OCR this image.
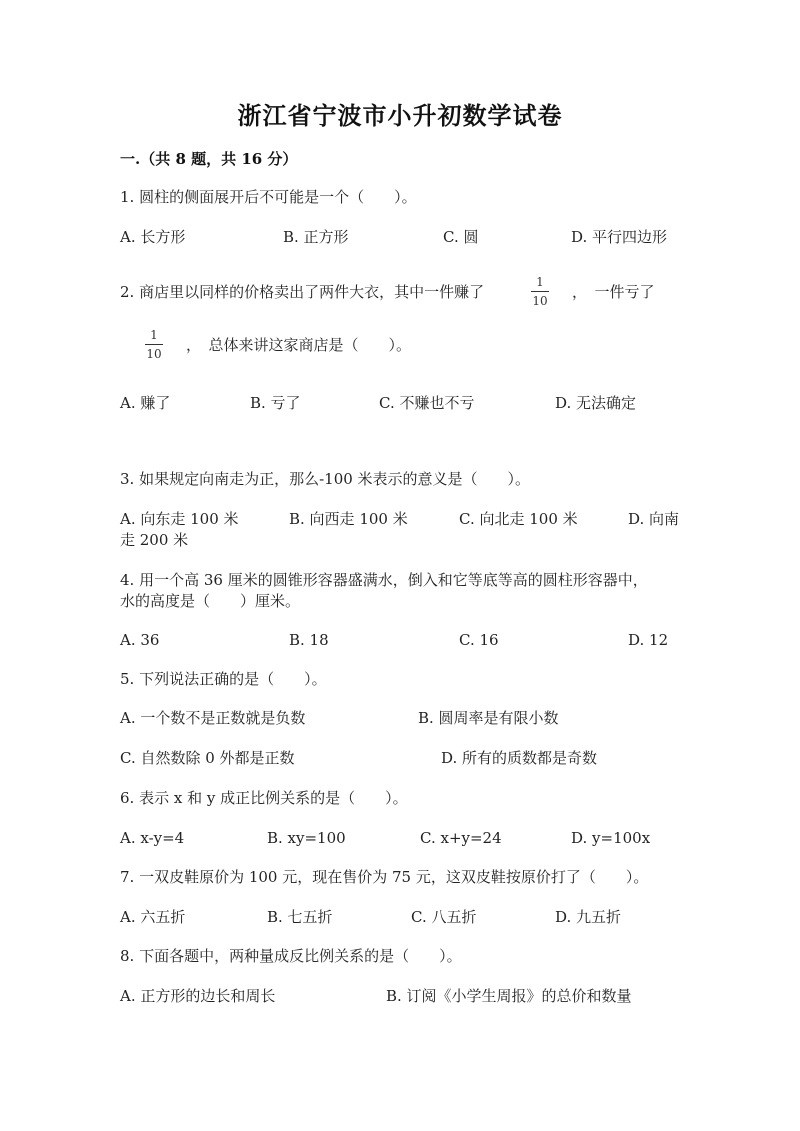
浙江省宁波市小升初数学试卷
一.（共 8 题，共 16 分）
1. 圆柱的侧面展开后不可能是一个（　　）。
A. 长方形	B. 正方形	C. 圆	D. 平行四边形
2. 商店里以同样的价格卖出了两件大衣，其中一件赚了
1
10 ，　一件亏了
1
10 ，　总体来讲这家商店是（　　）。
A. 赚了	B. 亏了	C. 不赚也不亏	D. 无法确定
3. 如果规定向南走为正，那么-100 米表示的意义是（　　）。
A. 向东走 100 米	B. 向西走 100 米	C. 向北走 100 米	D. 向南
走 200 米
4. 用一个高 36 厘米的圆锥形容器盛满水，倒入和它等底等高的圆柱形容器中，
水的高度是（　　）厘米。
A. 36	B. 18	C. 16	D. 12
5. 下列说法正确的是（　　）。
A. 一个数不是正数就是负数	B. 圆周率是有限小数
C. 自然数除 0 外都是正数	D. 所有的质数都是奇数
6. 表示 x 和 y 成正比例关系的是（　　）。
A. x-y=4	B. xy=100	C. x+y=24	D. y=100x
7. 一双皮鞋原价为 100 元，现在售价为 75 元，这双皮鞋按原价打了（　　）。
A. 六五折	B. 七五折	C. 八五折	D. 九五折
8. 下面各题中，两种量成反比例关系的是（　　）。
A. 正方形的边长和周长	B. 订阅《小学生周报》的总价和数量
